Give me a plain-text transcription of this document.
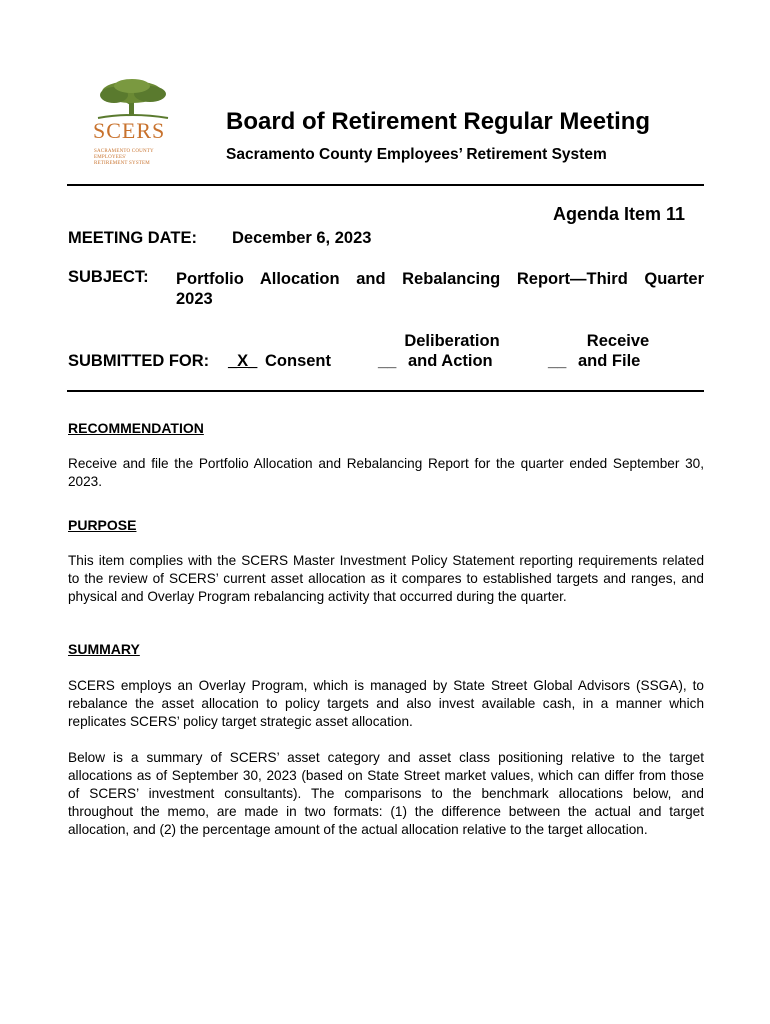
SCERS
SACRAMENTO COUNTY
EMPLOYEES'
RETIREMENT SYSTEM
Board of Retirement Regular Meeting
Sacramento County Employees’ Retirement System
Agenda Item 11
MEETING DATE: December 6, 2023
SUBJECT: Portfolio Allocation and Rebalancing Report—Third Quarter
2023
SUBMITTED FOR: _X_ Consent
Deliberation
__ and Action
Receive
__ and File
RECOMMENDATION
Receive and file the Portfolio Allocation and Rebalancing Report for the quarter ended September 30, 2023.
PURPOSE
This item complies with the SCERS Master Investment Policy Statement reporting requirements related to the review of SCERS’ current asset allocation as it compares to established targets and ranges, and physical and Overlay Program rebalancing activity that occurred during the quarter.
SUMMARY
SCERS employs an Overlay Program, which is managed by State Street Global Advisors (SSGA), to rebalance the asset allocation to policy targets and also invest available cash, in a manner which replicates SCERS’ policy target strategic asset allocation.
Below is a summary of SCERS’ asset category and asset class positioning relative to the target allocations as of September 30, 2023 (based on State Street market values, which can differ from those of SCERS’ investment consultants). The comparisons to the benchmark allocations below, and throughout the memo, are made in two formats: (1) the difference between the actual and target allocation, and (2) the percentage amount of the actual allocation relative to the target allocation.
